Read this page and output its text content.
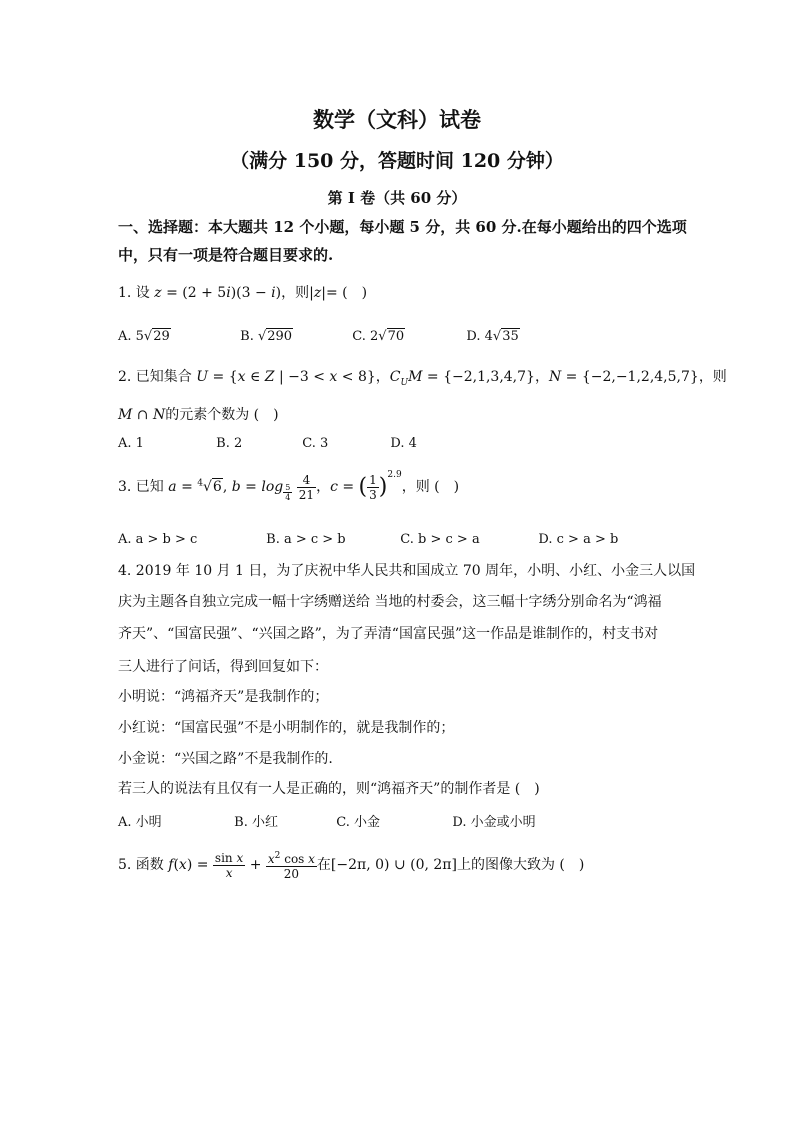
数学（文科）试卷
（满分 150 分，答题时间 120 分钟）
第 I 卷（共 60 分）
一、选择题：本大题共 12 个小题，每小题 5 分，共 60 分.在每小题给出的四个选项中，只有一项是符合题目要求的.
1. 设 z = (2 + 5i)(3 − i)，则|z|= (　)
A. 5√29	B. √290	C. 2√70	D. 4√35
2. 已知集合 U = {x ∈ Z | −3 < x < 8}，$C_UM = \{-2,1,3,4,7\}$，N = {−2,−1,2,4,5,7}，则
M ∩ N的元素个数为 (　)
A. 1	B. 2	C. 3	D. 4
3. 已知 a = $^4$√6, b = log $_{\frac{5}{4}}$
$\frac{4}{21}$ ，c = ( $\frac{1}{3} )^{2.9}$，则 (　)
A. a > b > c	B. a > c > b	C. b > c > a	D. c > a > b
4. 2019 年 10 月 1 日，为了庆祝中华人民共和国成立 70 周年，小明、小红、小金三人以国
庆为主题各自独立完成一幅十字绣赠送给 当地的村委会，这三幅十字绣分别命名为“鸿福
齐天”、“国富民强”、“兴国之路”，为了弄清“国富民强”这一作品是谁制作的，村支书对
三人进行了问话，得到回复如下：
小明说：“鸿福齐天”是我制作的；
小红说：“国富民强”不是小明制作的，就是我制作的；
小金说：“兴国之路”不是我制作的.
若三人的说法有且仅有一人是正确的，则“鸿福齐天”的制作者是 (　)
A. 小明	B. 小红	C. 小金	D. 小金或小明
5. 函数 $f(x) = \frac{\text{sin x}}{x} + \frac{x^2 \cos x}{20}$ 在[−2π, 0) ∪ (0, 2π]上的图像大致为 (　)
